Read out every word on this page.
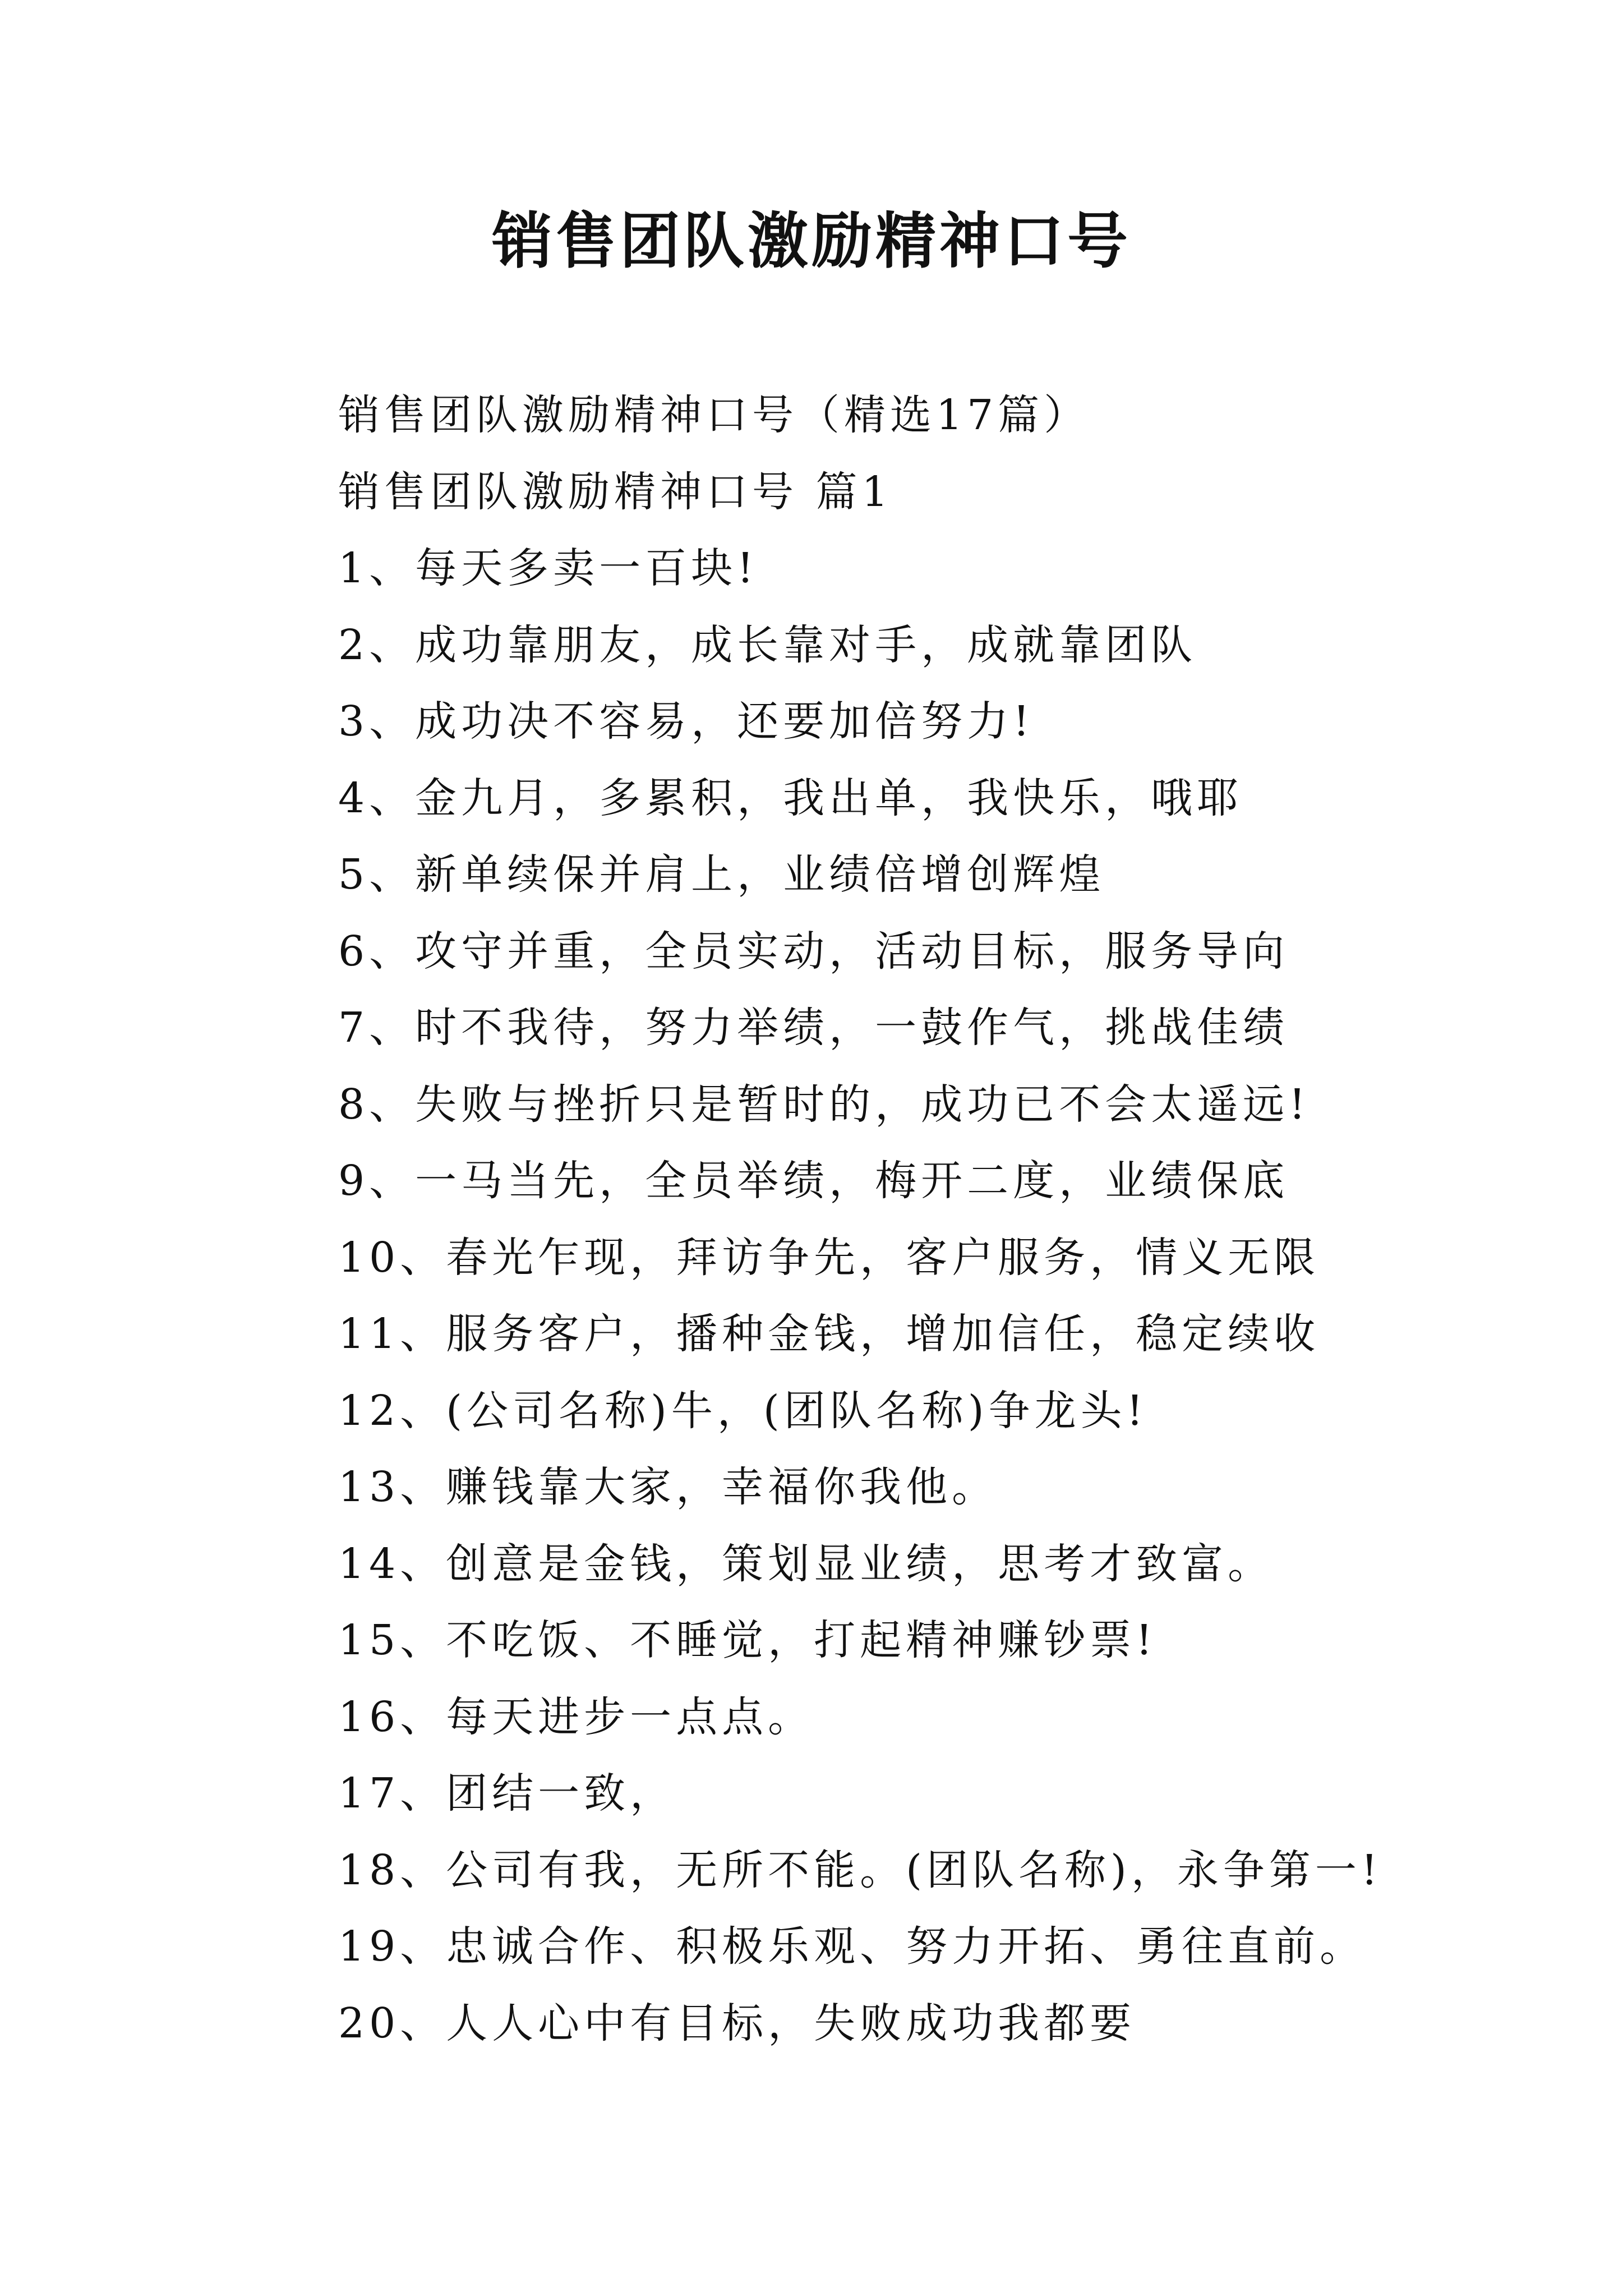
销售团队激励精神口号
销售团队激励精神口号（精选17篇）
销售团队激励精神口号 篇1
1、每天多卖一百块!
2、成功靠朋友，成长靠对手，成就靠团队
3、成功决不容易，还要加倍努力!
4、金九月，多累积，我出单，我快乐，哦耶
5、新单续保并肩上，业绩倍增创辉煌
6、攻守并重，全员实动，活动目标，服务导向
7、时不我待，努力举绩，一鼓作气，挑战佳绩
8、失败与挫折只是暂时的，成功已不会太遥远!
9、一马当先，全员举绩，梅开二度，业绩保底
10、春光乍现，拜访争先，客户服务，情义无限
11、服务客户，播种金钱，增加信任，稳定续收
12、(公司名称)牛，(团队名称)争龙头!
13、赚钱靠大家，幸福你我他。
14、创意是金钱，策划显业绩，思考才致富。
15、不吃饭、不睡觉，打起精神赚钞票!
16、每天进步一点点。
17、团结一致，
18、公司有我，无所不能。(团队名称)，永争第一!
19、忠诚合作、积极乐观、努力开拓、勇往直前。
20、人人心中有目标，失败成功我都要
